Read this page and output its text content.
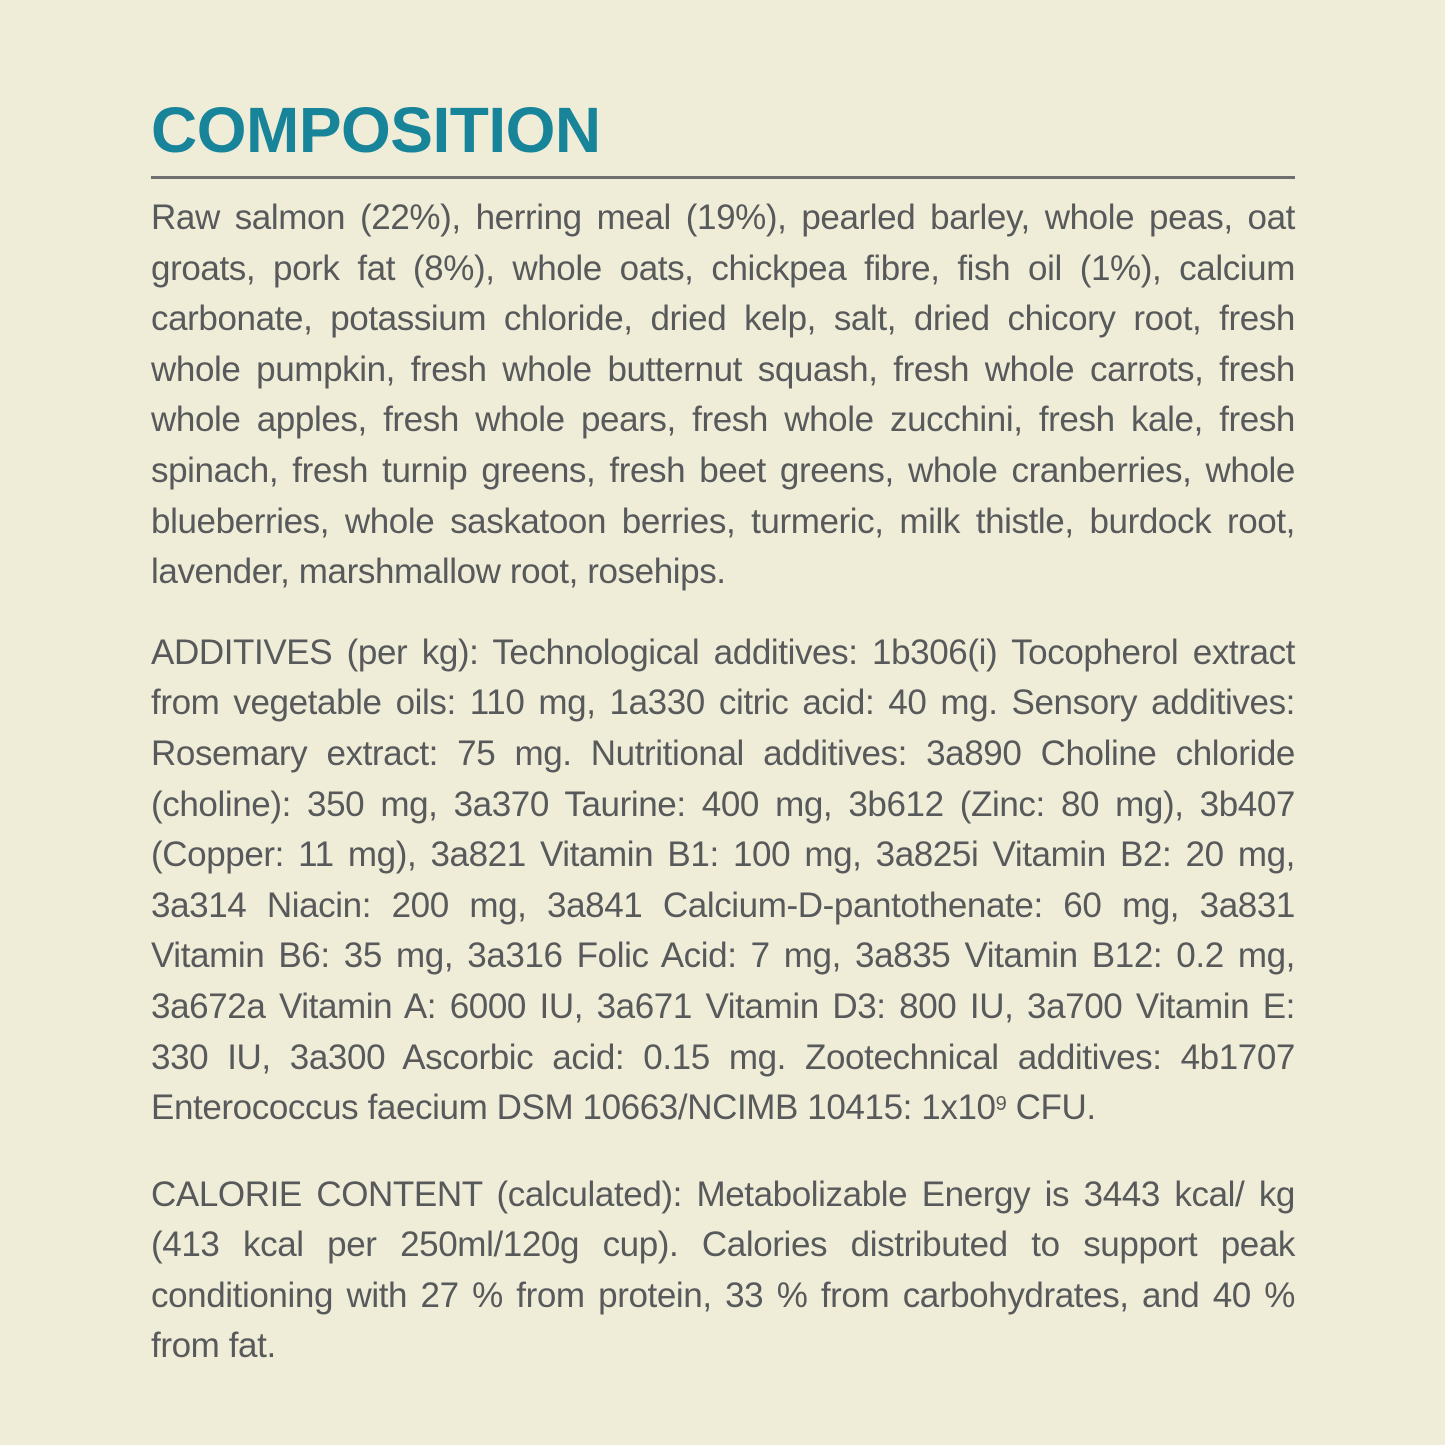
COMPOSITION

Raw salmon (22%), herring meal (19%), pearled barley, whole peas, oat groats, pork fat (8%), whole oats, chickpea fibre, fish oil (1%), calcium carbonate, potassium chloride, dried kelp, salt, dried chicory root, fresh whole pumpkin, fresh whole butternut squash, fresh whole carrots, fresh whole apples, fresh whole pears, fresh whole zucchini, fresh kale, fresh spinach, fresh turnip greens, fresh beet greens, whole cranberries, whole blueberries, whole saskatoon berries, turmeric, milk thistle, burdock root, lavender, marshmallow root, rosehips.

ADDITIVES (per kg): Technological additives: 1b306(i) Tocopherol extract from vegetable oils: 110 mg, 1a330 citric acid: 40 mg. Sensory additives: Rosemary extract: 75 mg. Nutritional additives: 3a890 Choline chloride (choline): 350 mg, 3a370 Taurine: 400 mg, 3b612 (Zinc: 80 mg), 3b407 (Copper: 11 mg), 3a821 Vitamin B1: 100 mg, 3a825i Vitamin B2: 20 mg, 3a314 Niacin: 200 mg, 3a841 Calcium-D-pantothenate: 60 mg, 3a831 Vitamin B6: 35 mg, 3a316 Folic Acid: 7 mg, 3a835 Vitamin B12: 0.2 mg, 3a672a Vitamin A: 6000 IU, 3a671 Vitamin D3: 800 IU, 3a700 Vitamin E: 330 IU, 3a300 Ascorbic acid: 0.15 mg. Zootechnical additives: 4b1707 Enterococcus faecium DSM 10663/NCIMB 10415: $1x10^9$ CFU.

CALORIE CONTENT (calculated): Metabolizable Energy is 3443 kcal/ kg (413 kcal per 250ml/120g cup). Calories distributed to support peak conditioning with 27 % from protein, 33 % from carbohydrates, and 40 % from fat.
